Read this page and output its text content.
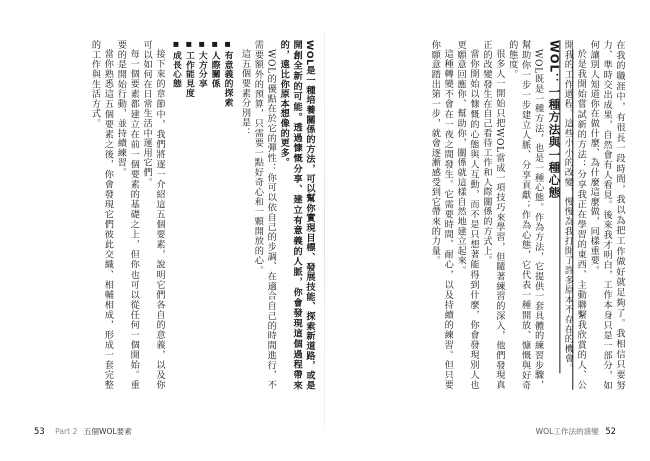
WOL是一種培養關係的方法，可以幫你實現目標、發展技能、探索新道路，或是開創全新的可能。透過慷慨分享、建立有意義的人脈，你會發現這個過程帶來的，遠比你原本想像的更多。

WOL的優點在於它的彈性：你可以依自己的步調、在適合自己的時間進行，不需要額外的預算，只需要一點好奇心和一顆開放的心。

這五個要素分別是：

■ 有意義的探索
■ 人際關係
■ 大方分享
■ 工作能見度
■ 成長心態

接下來的章節中，我們將逐一介紹這五個要素，說明它們各自的意義，以及你可以如何在日常生活中運用它們。

每一個要素都建立在前一個要素的基礎之上，但你也可以從任何一個開始。重要的是開始行動，並持續練習。

當你熟悉這五個要素之後，你會發現它們彼此交織、相輔相成，形成一套完整的工作與生活方式。

53 Part 2 五個WOL要素

在我的職涯中，有很長一段時間，我以為把工作做好就足夠了。我相信只要努力、準時交出成果，自然會有人看見。後來我才明白，工作本身只是一部分，如何讓別人知道你在做什麼、為什麼這麼做，同樣重要。

於是我開始嘗試新的方法：分享我正在學習的東西、主動聯繫我欣賞的人、公開我的工作過程。這些小小的改變，慢慢為我打開了許多原本不存在的機會。

WOL：一種方法與一種心態

WOL既是一種方法，也是一種心態。作為方法，它提供一套具體的練習步驟，幫助你一步一步建立人脈、分享貢獻；作為心態，它代表一種開放、慷慨與好奇的態度。

很多人一開始只把WOL當成一項技巧來學習，但隨著練習的深入，他們發現真正的改變發生在自己看待工作和人際關係的方式上。

當你開始以慷慨的心態與人互動，而不是只想著能得到什麼，你會發現別人也更願意回應你、幫助你，關係就這樣自然地建立起來。

這種轉變不會在一夜之間發生。它需要時間、耐心，以及持續的練習。但只要你願意踏出第一步，就會逐漸感受到它帶來的力量。

WOL工作法的演變 52
